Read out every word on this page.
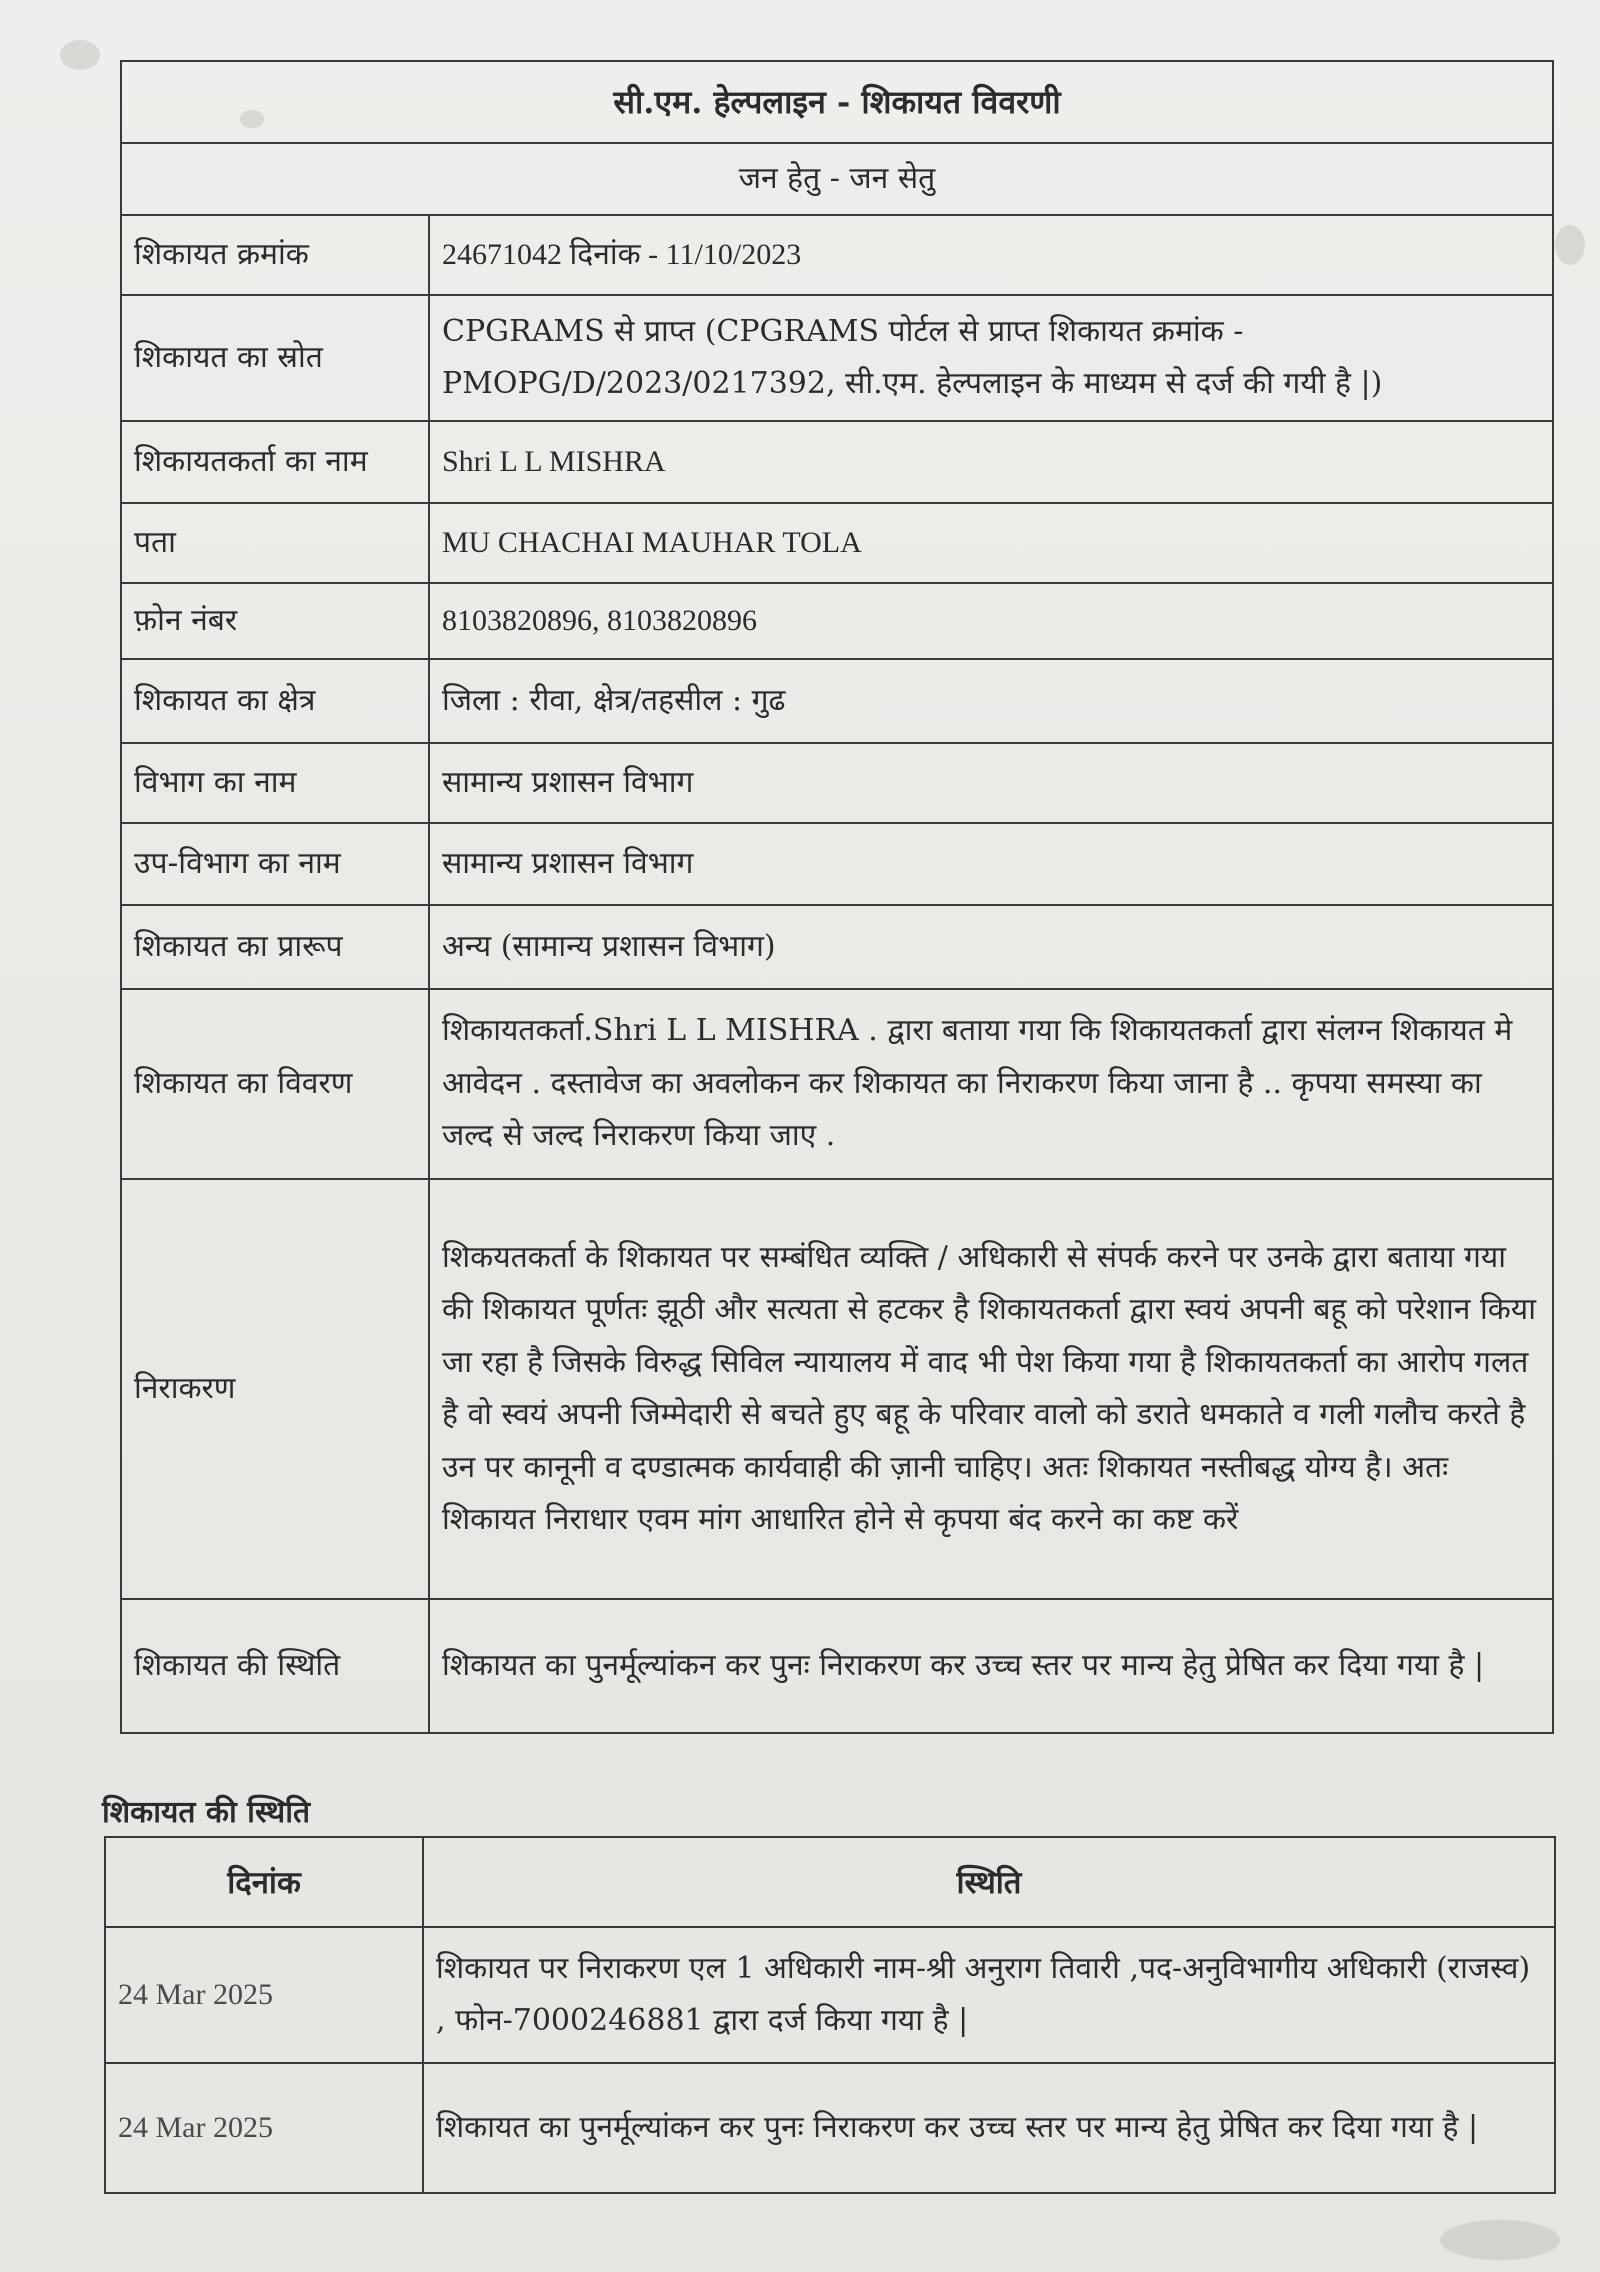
सी.एम. हेल्पलाइन - शिकायत विवरणी	
जन हेतु - जन सेतु	
शिकायत क्रमांक	24671042 दिनांक - 11/10/2023
शिकायत का स्रोत	CPGRAMS से प्राप्त (CPGRAMS पोर्टल से प्राप्त शिकायत क्रमांक - PMOPG/D/2023/0217392, सी.एम. हेल्पलाइन के माध्यम से दर्ज की गयी है |)
शिकायतकर्ता का नाम	Shri L L MISHRA
पता	MU CHACHAI MAUHAR TOLA
फ़ोन नंबर	8103820896, 8103820896
शिकायत का क्षेत्र	जिला : रीवा, क्षेत्र/तहसील : गुढ
विभाग का नाम	सामान्य प्रशासन विभाग
उप-विभाग का नाम	सामान्य प्रशासन विभाग
शिकायत का प्रारूप	अन्य (सामान्य प्रशासन विभाग)
शिकायत का विवरण	शिकायतकर्ता.Shri L L MISHRA . द्वारा बताया गया कि शिकायतकर्ता द्वारा संलग्न शिकायत मे आवेदन . दस्तावेज का अवलोकन कर शिकायत का निराकरण किया जाना है .. कृपया समस्या का जल्द से जल्द निराकरण किया जाए .
निराकरण	शिकयतकर्ता के शिकायत पर सम्बंधित व्यक्ति / अधिकारी से संपर्क करने पर उनके द्वारा बताया गया की शिकायत पूर्णतः झूठी और सत्यता से हटकर है शिकायतकर्ता द्वारा स्वयं अपनी बहू को परेशान किया जा रहा है जिसके विरुद्ध सिविल न्यायालय में वाद भी पेश किया गया है शिकायतकर्ता का आरोप गलत है वो स्वयं अपनी जिम्मेदारी से बचते हुए बहू के परिवार वालो को डराते धमकाते व गली गलौच करते है उन पर कानूनी व दण्डात्मक कार्यवाही की ज़ानी चाहिए। अतः शिकायत नस्तीबद्ध योग्य है। अतः शिकायत निराधार एवम मांग आधारित होने से कृपया बंद करने का कष्ट करें
शिकायत की स्थिति	शिकायत का पुनर्मूल्यांकन कर पुनः निराकरण कर उच्च स्तर पर मान्य हेतु प्रेषित कर दिया गया है |
शिकायत की स्थिति
दिनांक	स्थिति
24 Mar 2025	शिकायत पर निराकरण एल 1 अधिकारी नाम-श्री अनुराग तिवारी ,पद-अनुविभागीय अधिकारी (राजस्व) , फोन-7000246881 द्वारा दर्ज किया गया है |
24 Mar 2025	शिकायत का पुनर्मूल्यांकन कर पुनः निराकरण कर उच्च स्तर पर मान्य हेतु प्रेषित कर दिया गया है |
